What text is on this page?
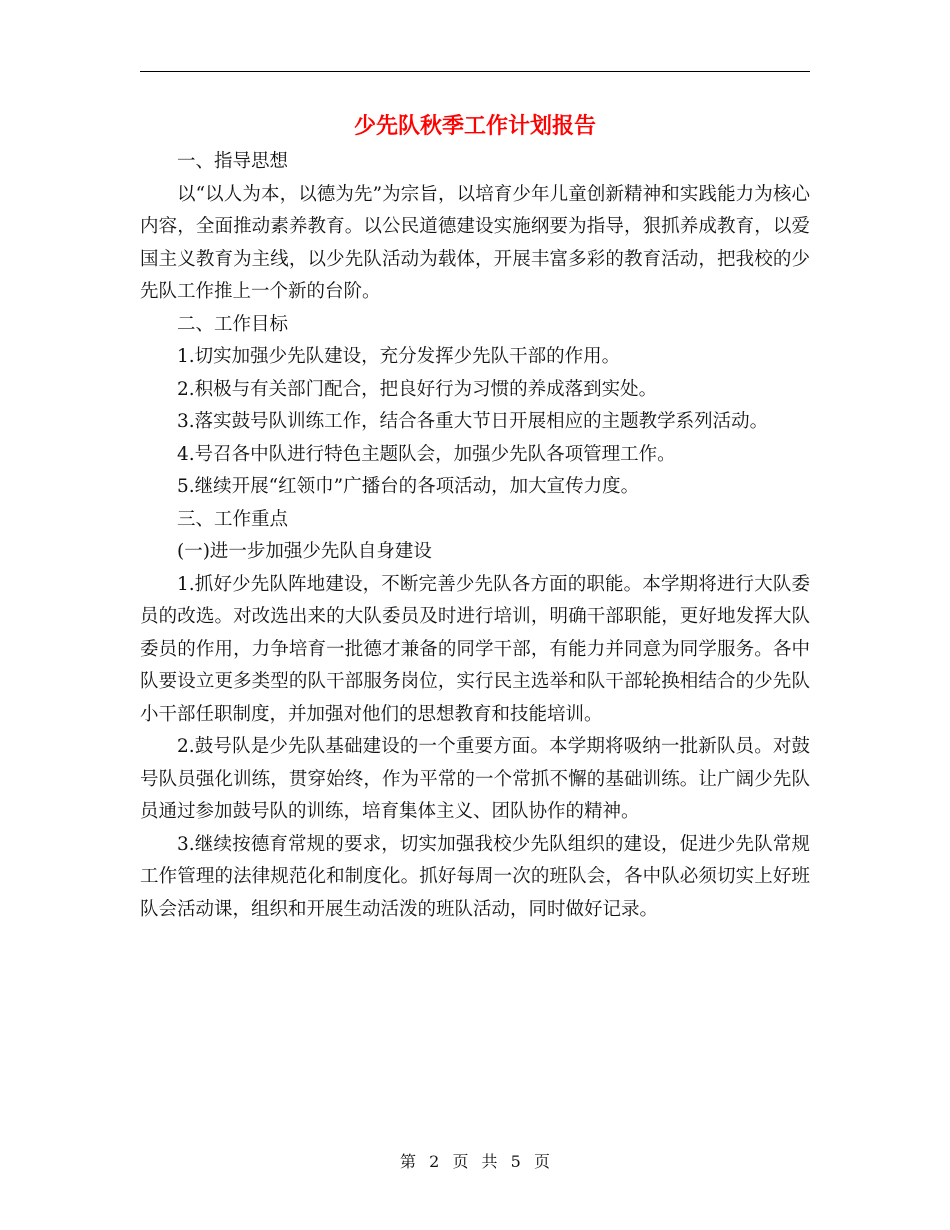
少先队秋季工作计划报告

一、指导思想

以“以人为本，以德为先”为宗旨，以培育少年儿童创新精神和实践能力为核心内容，全面推动素养教育。以公民道德建设实施纲要为指导，狠抓养成教育，以爱国主义教育为主线，以少先队活动为载体，开展丰富多彩的教育活动，把我校的少先队工作推上一个新的台阶。

二、工作目标

1.切实加强少先队建设，充分发挥少先队干部的作用。

2.积极与有关部门配合，把良好行为习惯的养成落到实处。

3.落实鼓号队训练工作，结合各重大节日开展相应的主题教学系列活动。

4.号召各中队进行特色主题队会，加强少先队各项管理工作。

5.继续开展“红领巾”广播台的各项活动，加大宣传力度。

三、工作重点

(一)进一步加强少先队自身建设

1.抓好少先队阵地建设，不断完善少先队各方面的职能。本学期将进行大队委员的改选。对改选出来的大队委员及时进行培训，明确干部职能，更好地发挥大队委员的作用，力争培育一批德才兼备的同学干部，有能力并同意为同学服务。各中队要设立更多类型的队干部服务岗位，实行民主选举和队干部轮换相结合的少先队小干部任职制度，并加强对他们的思想教育和技能培训。

2.鼓号队是少先队基础建设的一个重要方面。本学期将吸纳一批新队员。对鼓号队员强化训练，贯穿始终，作为平常的一个常抓不懈的基础训练。让广阔少先队员通过参加鼓号队的训练，培育集体主义、团队协作的精神。

3.继续按德育常规的要求，切实加强我校少先队组织的建设，促进少先队常规工作管理的法律规范化和制度化。抓好每周一次的班队会，各中队必须切实上好班队会活动课，组织和开展生动活泼的班队活动，同时做好记录。

第 2 页 共 5 页
